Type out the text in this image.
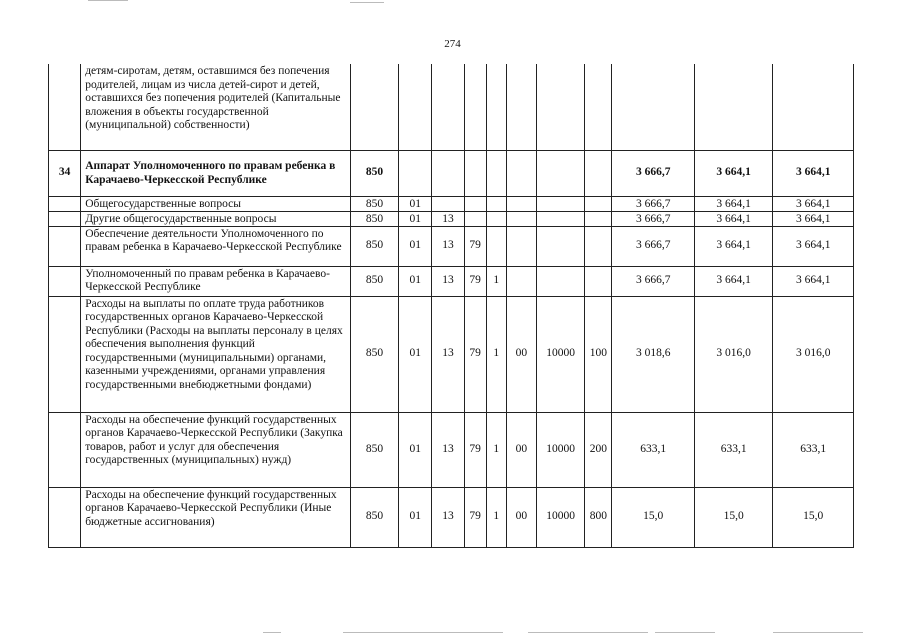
274
	детям-сиротам, детям, оставшимся без попечения родителей, лицам из числа детей-сирот и детей, оставшихся без попечения родителей (Капитальные вложения в объекты государственной (муниципальной) собственности)											
34	Аппарат Уполномоченного по правам ребенка в Карачаево-Черкесской Республике	850								3 666,7	3 664,1	3 664,1
	Общегосударственные вопросы	850	01							3 666,7	3 664,1	3 664,1
	Другие общегосударственные вопросы	850	01	13						3 666,7	3 664,1	3 664,1
	Обеспечение деятельности Уполномоченного по правам ребенка в Карачаево-Черкесской Республике	850	01	13	79					3 666,7	3 664,1	3 664,1
	Уполномоченный по правам ребенка в Карачаево-Черкесской Республике	850	01	13	79	1				3 666,7	3 664,1	3 664,1
	Расходы на выплаты по оплате труда работников государственных органов Карачаево-Черкесской Республики (Расходы на выплаты персоналу в целях обеспечения выполнения функций государственными (муниципальными) органами, казенными учреждениями, органами управления государственными внебюджетными фондами)	850	01	13	79	1	00	10000	100	3 018,6	3 016,0	3 016,0
	Расходы на обеспечение функций государственных органов Карачаево-Черкесской Республики (Закупка товаров, работ и услуг для обеспечения государственных (муниципальных) нужд)	850	01	13	79	1	00	10000	200	633,1	633,1	633,1
	Расходы на обеспечение функций государственных органов Карачаево-Черкесской Республики (Иные бюджетные ассигнования)	850	01	13	79	1	00	10000	800	15,0	15,0	15,0
